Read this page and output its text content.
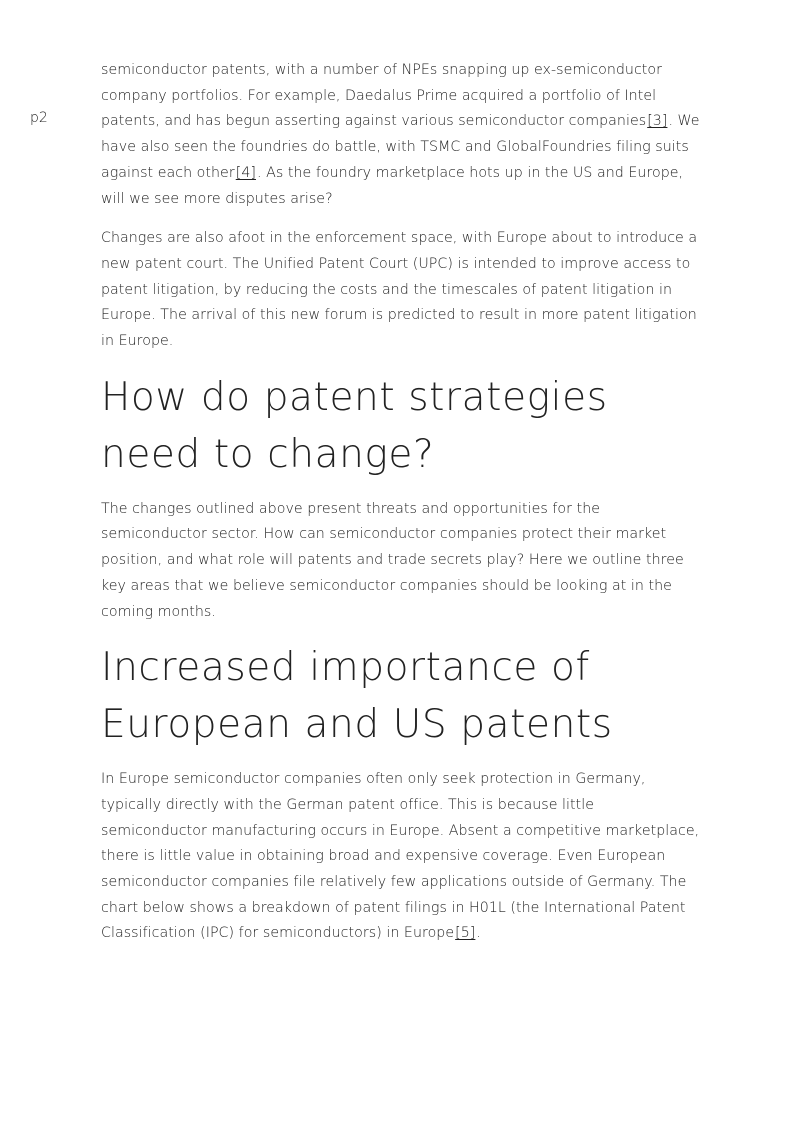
p2

semiconductor patents, with a number of NPEs snapping up ex-semiconductor company portfolios. For example, Daedalus Prime acquired a portfolio of Intel patents, and has begun asserting against various semiconductor companies[3]. We have also seen the foundries do battle, with TSMC and GlobalFoundries filing suits against each other[4]. As the foundry marketplace hots up in the US and Europe, will we see more disputes arise?

Changes are also afoot in the enforcement space, with Europe about to introduce a new patent court. The Unified Patent Court (UPC) is intended to improve access to patent litigation, by reducing the costs and the timescales of patent litigation in Europe. The arrival of this new forum is predicted to result in more patent litigation in Europe.

How do patent strategies need to change?

The changes outlined above present threats and opportunities for the semiconductor sector. How can semiconductor companies protect their market position, and what role will patents and trade secrets play? Here we outline three key areas that we believe semiconductor companies should be looking at in the coming months.

Increased importance of European and US patents

In Europe semiconductor companies often only seek protection in Germany, typically directly with the German patent office. This is because little semiconductor manufacturing occurs in Europe. Absent a competitive marketplace, there is little value in obtaining broad and expensive coverage. Even European semiconductor companies file relatively few applications outside of Germany. The chart below shows a breakdown of patent filings in H01L (the International Patent Classification (IPC) for semiconductors) in Europe[5].
